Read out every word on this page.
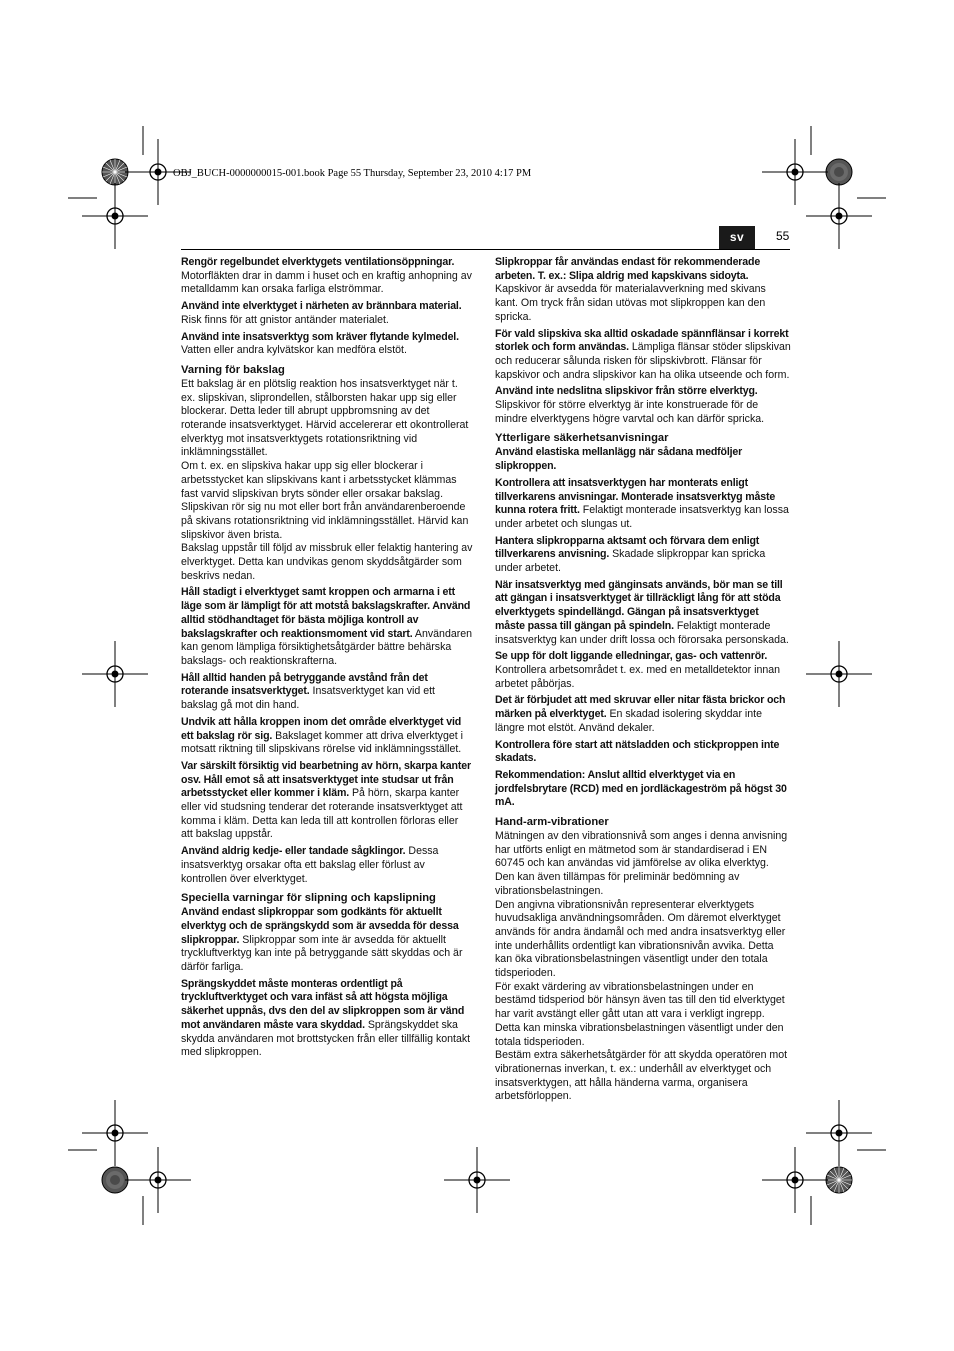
OBJ_BUCH-0000000015-001.book Page 55 Thursday, September 23, 2010 4:17 PM
sv	55

Rengör regelbundet elverktygets ventilationsöppningar. Motorfläkten drar in damm i huset och en kraftig anhopning av metalldamm kan orsaka farliga elströmmar.

Använd inte elverktyget i närheten av brännbara material. Risk finns för att gnistor antänder materialet.

Använd inte insatsverktyg som kräver flytande kylmedel. Vatten eller andra kylvätskor kan medföra elstöt.

Varning för bakslag

Ett bakslag är en plötslig reaktion hos insatsverktyget när t. ex. slipskivan, sliprondellen, stålborsten hakar upp sig eller blockerar. Detta leder till abrupt uppbromsning av det roterande insatsverktyget. Härvid accelererar ett okontrollerat elverktyg mot insatsverktygets rotationsriktning vid inklämningsstället.

Om t. ex. en slipskiva hakar upp sig eller blockerar i arbetsstycket kan slipskivans kant i arbetsstycket klämmas fast varvid slipskivan bryts sönder eller orsakar bakslag. Slipskivan rör sig nu mot eller bort från användarenberoende på skivans rotationsriktning vid inklämningsstället. Härvid kan slipskivor även brista.

Bakslag uppstår till följd av missbruk eller felaktig hantering av elverktyget. Detta kan undvikas genom skyddsåtgärder som beskrivs nedan.

Håll stadigt i elverktyget samt kroppen och armarna i ett läge som är lämpligt för att motstå bakslagskrafter. Använd alltid stödhandtaget för bästa möjliga kontroll av bakslagskrafter och reaktionsmoment vid start. Användaren kan genom lämpliga försiktighetsåtgärder bättre behärska bakslags- och reaktionskrafterna.

Håll alltid handen på betryggande avstånd från det roterande insatsverktyget. Insatsverktyget kan vid ett bakslag gå mot din hand.

Undvik att hålla kroppen inom det område elverktyget vid ett bakslag rör sig. Bakslaget kommer att driva elverktyget i motsatt riktning till slipskivans rörelse vid inklämningsstället.

Var särskilt försiktig vid bearbetning av hörn, skarpa kanter osv. Håll emot så att insatsverktyget inte studsar ut från arbetsstycket eller kommer i kläm. På hörn, skarpa kanter eller vid studsning tenderar det roterande insatsverktyget att komma i kläm. Detta kan leda till att kontrollen förloras eller att bakslag uppstår.

Använd aldrig kedje- eller tandade sågklingor. Dessa insatsverktyg orsakar ofta ett bakslag eller förlust av kontrollen över elverktyget.

Speciella varningar för slipning och kapslipning

Använd endast slipkroppar som godkänts för aktuellt elverktyg och de sprängskydd som är avsedda för dessa slipkroppar. Slipkroppar som inte är avsedda för aktuellt tryckluftverktyg kan inte på betryggande sätt skyddas och är därför farliga.

Sprängskyddet måste monteras ordentligt på tryckluftverktyget och vara infäst så att högsta möjliga säkerhet uppnås, dvs den del av slipkroppen som är vänd mot användaren måste vara skyddad. Sprängskyddet ska skydda användaren mot brottstycken från eller tillfällig kontakt med slipkroppen.

Slipkroppar får användas endast för rekommenderade arbeten. T. ex.: Slipa aldrig med kapskivans sidoyta. Kapskivor är avsedda för materialavverkning med skivans kant. Om tryck från sidan utövas mot slipkroppen kan den spricka.

För vald slipskiva ska alltid oskadade spännflänsar i korrekt storlek och form användas. Lämpliga flänsar stöder slipskivan och reducerar sålunda risken för slipskivbrott. Flänsar för kapskivor och andra slipskivor kan ha olika utseende och form.

Använd inte nedslitna slipskivor från större elverktyg. Slipskivor för större elverktyg är inte konstruerade för de mindre elverktygens högre varvtal och kan därför spricka.

Ytterligare säkerhetsanvisningar

Använd elastiska mellanlägg när sådana medföljer slipkroppen.

Kontrollera att insatsverktygen har monterats enligt tillverkarens anvisningar. Monterade insatsverktyg måste kunna rotera fritt. Felaktigt monterade insatsverktyg kan lossa under arbetet och slungas ut.

Hantera slipkropparna aktsamt och förvara dem enligt tillverkarens anvisning. Skadade slipkroppar kan spricka under arbetet.

När insatsverktyg med gänginsats används, bör man se till att gängan i insatsverktyget är tillräckligt lång för att stöda elverktygets spindellängd. Gängan på insatsverktyget måste passa till gängan på spindeln. Felaktigt monterade insatsverktyg kan under drift lossa och förorsaka personskada.

Se upp för dolt liggande elledningar, gas- och vattenrör. Kontrollera arbetsområdet t. ex. med en metalldetektor innan arbetet påbörjas.

Det är förbjudet att med skruvar eller nitar fästa brickor och märken på elverktyget. En skadad isolering skyddar inte längre mot elstöt. Använd dekaler.

Kontrollera före start att nätsladden och stickproppen inte skadats.

Rekommendation: Anslut alltid elverktyget via en jordfelsbrytare (RCD) med en jordläckageström på högst 30 mA.

Hand-arm-vibrationer

Mätningen av den vibrationsnivå som anges i denna anvisning har utförts enligt en mätmetod som är standardiserad i EN 60745 och kan användas vid jämförelse av olika elverktyg. Den kan även tillämpas för preliminär bedömning av vibrationsbelastningen.

Den angivna vibrationsnivån representerar elverktygets huvudsakliga användningsområden. Om däremot elverktyget används för andra ändamål och med andra insatsverktyg eller inte underhållits ordentligt kan vibrationsnivån avvika. Detta kan öka vibrationsbelastningen väsentligt under den totala tidsperioden.

För exakt värdering av vibrationsbelastningen under en bestämd tidsperiod bör hänsyn även tas till den tid elverktyget har varit avstängt eller gått utan att vara i verkligt ingrepp. Detta kan minska vibrationsbelastningen väsentligt under den totala tidsperioden.

Bestäm extra säkerhetsåtgärder för att skydda operatören mot vibrationernas inverkan, t. ex.: underhåll av elverktyget och insatsverktygen, att hålla händerna varma, organisera arbetsförloppen.
